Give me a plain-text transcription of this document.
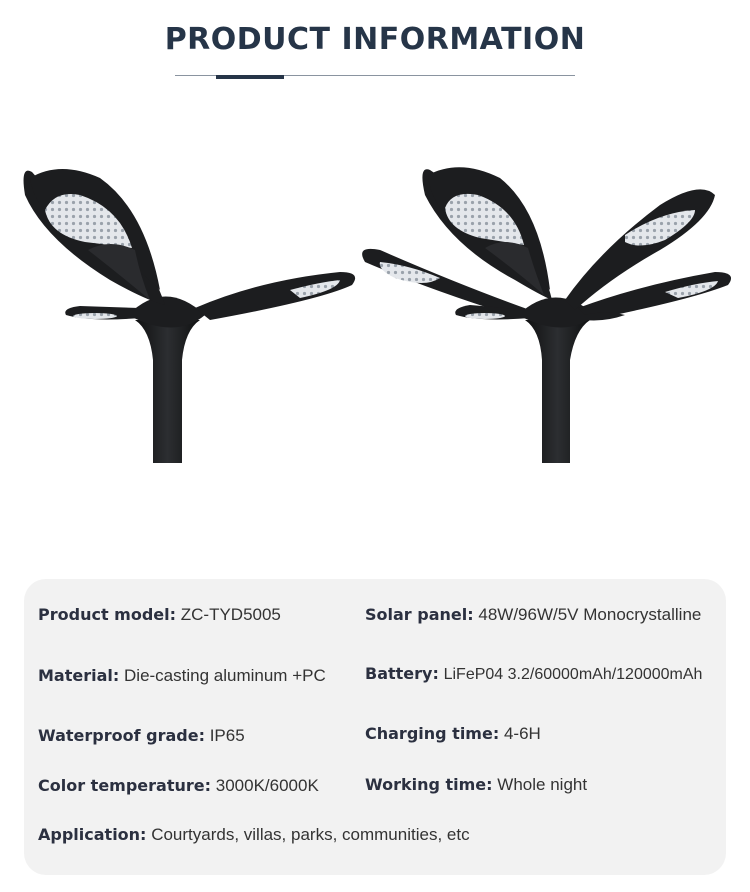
PRODUCT INFORMATION
Product model: ZC-TYD5005	Solar panel: 48W/96W/5V Monocrystalline
Material: Die-casting aluminum +PC Battery: LiFeP04 3.2/60000mAh/120000mAh
Waterproof grade: IP65	Charging time: 4-6H
Color temperature: 3000K/6000K	Working time: Whole night
Application: Courtyards, villas, parks, communities, etc
